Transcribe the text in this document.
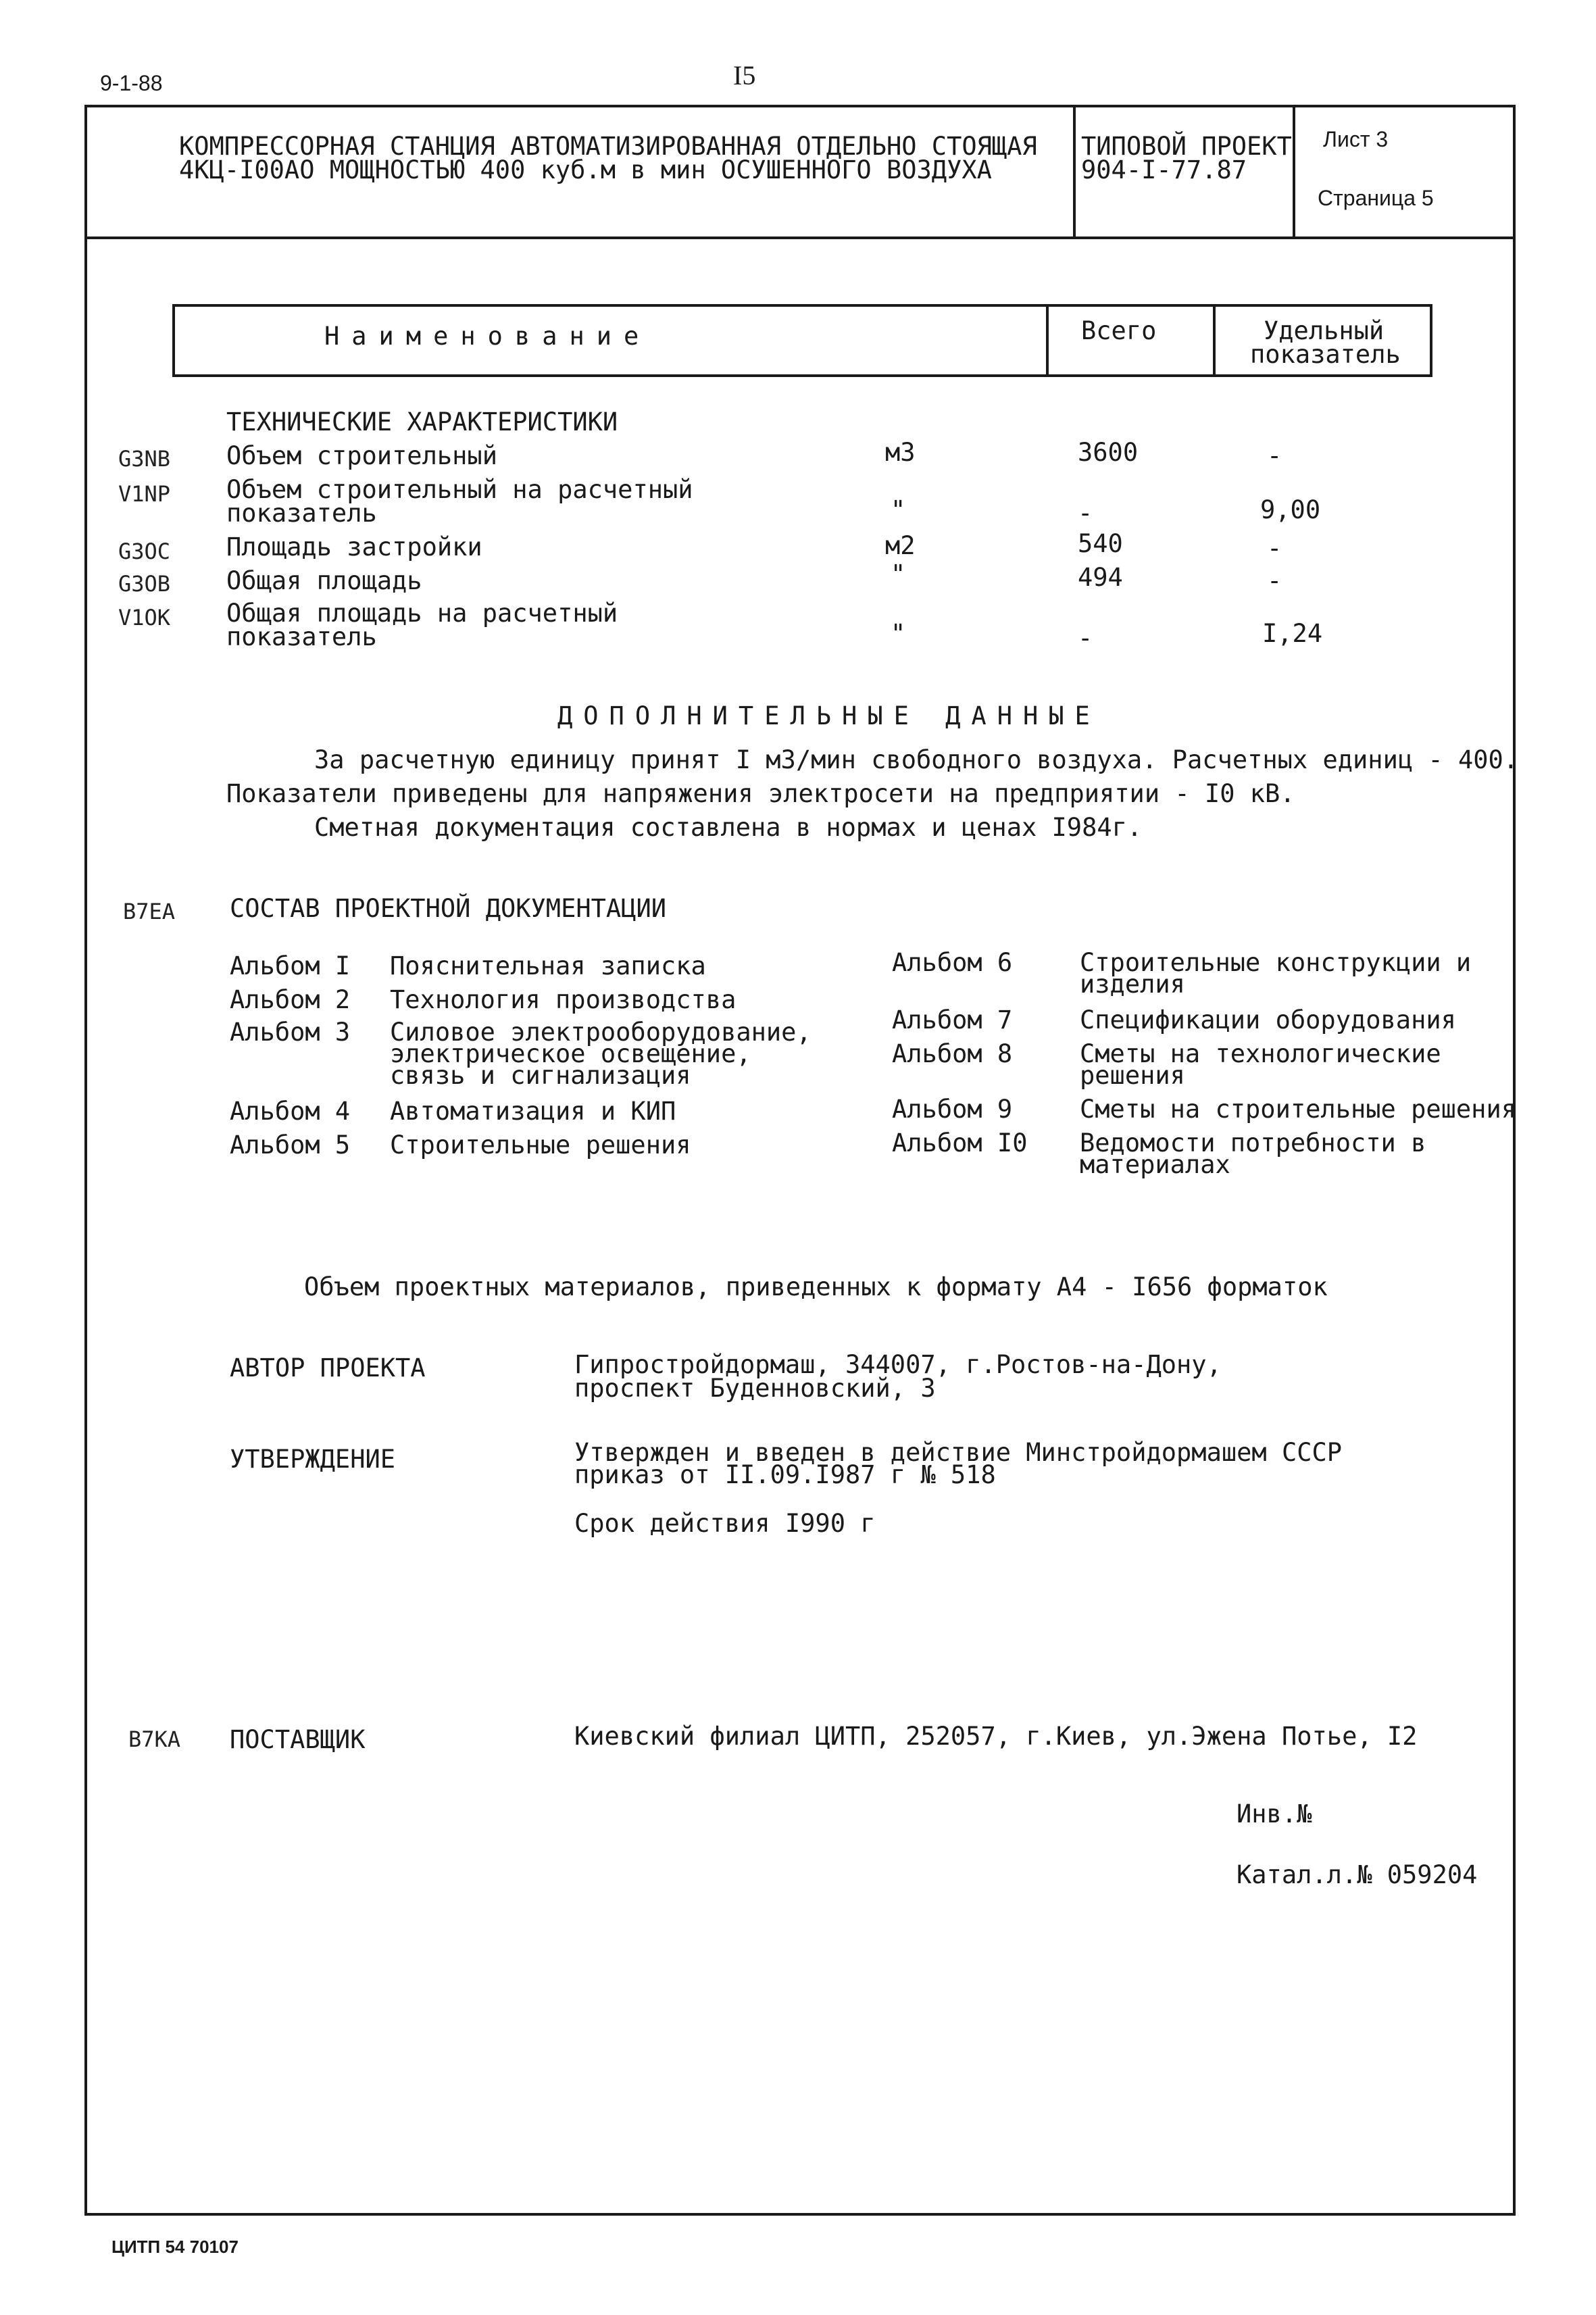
9-1-88	I5
КОМПРЕССОРНАЯ СТАНЦИЯ АВТОМАТИЗИРОВАННАЯ ОТДЕЛЬНО СТОЯЩАЯ
4КЦ-I00AO МОЩНОСТЬЮ 400 куб.м в мин ОСУШЕННОГО ВОЗДУХА
ТИПОВОЙ ПРОЕКТ
904-I-77.87
Лист 3
Страница 5
Наименование	Всего	Удельный
показатель
ТЕХНИЧЕСКИЕ ХАРАКТЕРИСТИКИ
G3NB Объем строительный	м3	3600	-
V1NP Объем строительный на расчетный
показатель	"	-	9,00
G3OC Площадь застройки	м2	540	-
G3OB Общая площадь	"	494	-
V1OK Общая площадь на расчетный
показатель	"	-	I,24
ДОПОЛНИТЕЛЬНЫЕ ДАННЫЕ
За расчетную единицу принят I м3/мин свободного воздуха. Расчетных единиц - 400.
Показатели приведены для напряжения электросети на предприятии - I0 кВ.
Сметная документация составлена в нормах и ценах I984г.
B7EA СОСТАВ ПРОЕКТНОЙ ДОКУМЕНТАЦИИ
Альбом I Пояснительная записка
Альбом 2 Технология производства
Альбом 3 Силовое электрооборудование,
электрическое освещение,
связь и сигнализация
Альбом 4 Автоматизация и КИП
Альбом 5 Строительные решения
Альбом 6	Строительные конструкции и
изделия
Альбом 7	Спецификации оборудования
Альбом 8	Сметы на технологические
решения
Альбом 9	Сметы на строительные решения
Альбом I0 Ведомости потребности в
материалах
Объем проектных материалов, приведенных к формату А4 - I656 форматок
АВТОР ПРОЕКТА	Гипростройдормаш, 344007, г.Ростов-на-Дону,
проспект Буденновский, 3
УТВЕРЖДЕНИЕ	Утвержден и введен в действие Минстройдормашем СССР
приказ от II.09.I987 г № 518
Срок действия I990 г
B7KA ПОСТАВЩИК	Киевский филиал ЦИТП, 252057, г.Киев, ул.Эжена Потье, I2
Инв.№
Катал.л.№ 059204
ЦИТП 54 70107
